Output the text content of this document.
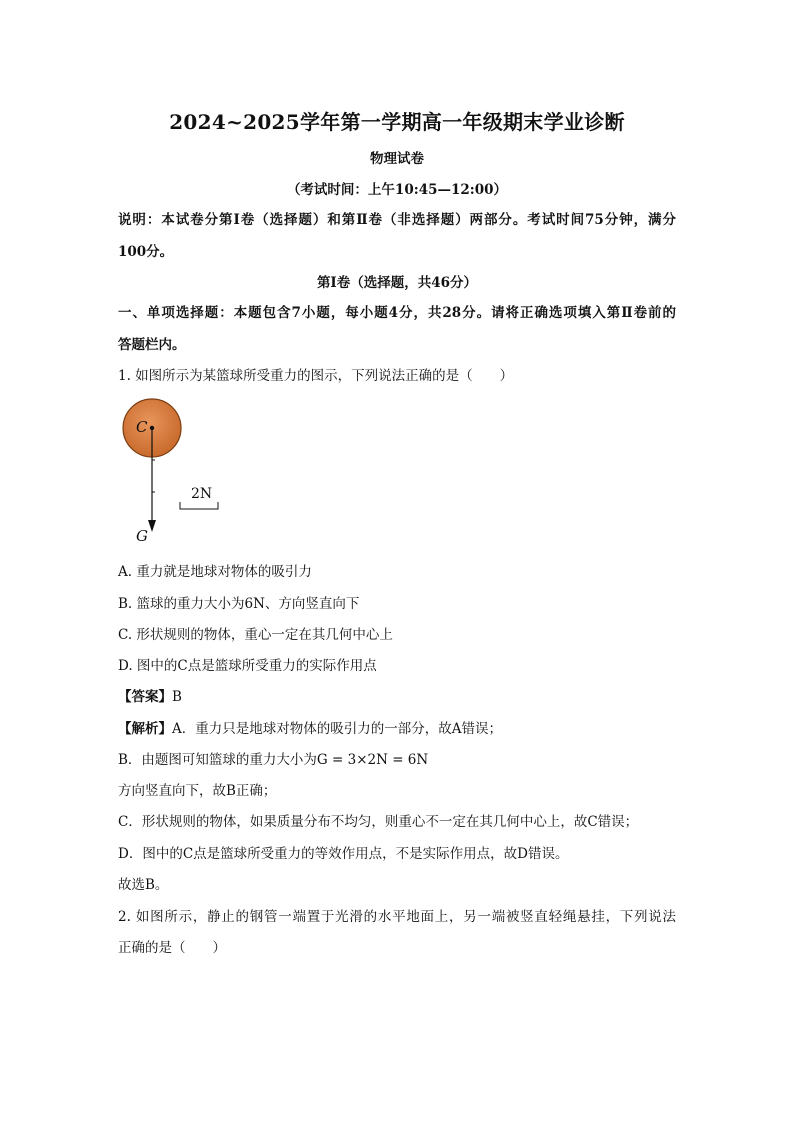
2024~2025学年第一学期高一年级期末学业诊断
物理试卷
（考试时间：上午10:45—12:00）
说明：本试卷分第Ⅰ卷（选择题）和第Ⅱ卷（非选择题）两部分。考试时间75分钟，满分
100分。
第Ⅰ卷（选择题，共46分）
一、单项选择题：本题包含7小题，每小题4分，共28分。请将正确选项填入第Ⅱ卷前的
答题栏内。
1. 如图所示为某篮球所受重力的图示，下列说法正确的是（　　）
C
G
2N
A. 重力就是地球对物体的吸引力
B. 篮球的重力大小为6N、方向竖直向下
C. 形状规则的物体，重心一定在其几何中心上
D. 图中的C点是篮球所受重力的实际作用点
【答案】B
【解析】A．重力只是地球对物体的吸引力的一部分，故A错误；
B．由题图可知篮球的重力大小为G = 3×2N = 6N
方向竖直向下，故B正确；
C．形状规则的物体，如果质量分布不均匀，则重心不一定在其几何中心上，故C错误；
D．图中的C点是篮球所受重力的等效作用点，不是实际作用点，故D错误。
故选B。
2. 如图所示，静止的钢管一端置于光滑的水平地面上，另一端被竖直轻绳悬挂，下列说法
正确的是（　　）
